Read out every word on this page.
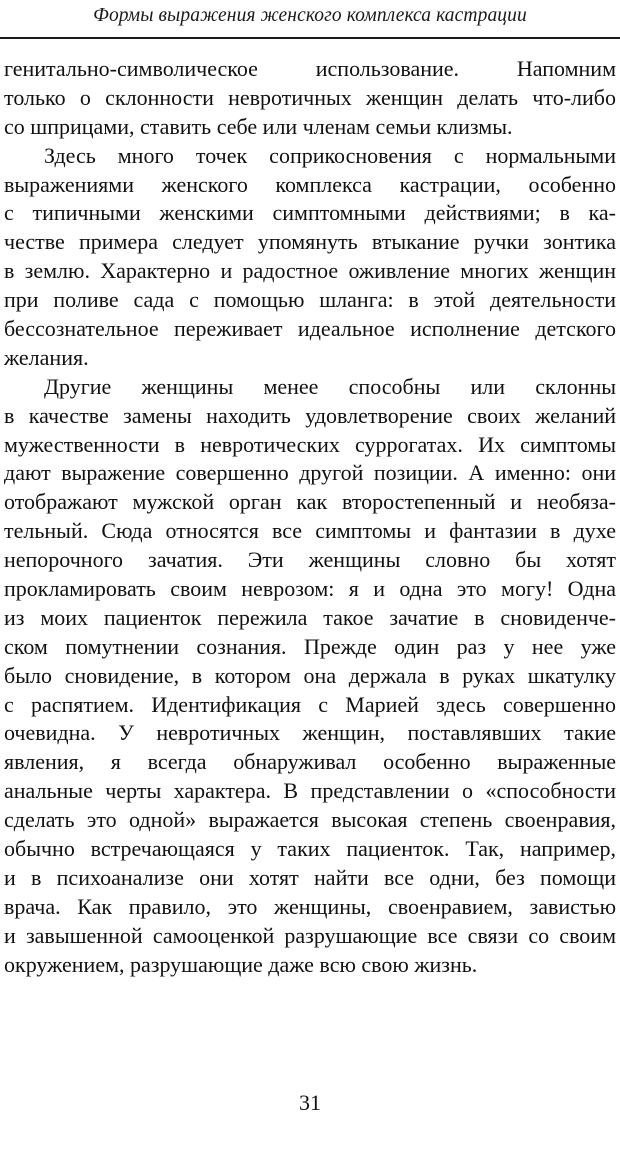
Формы выражения женского комплекса кастрации
генитально-символическое использование. Напомним
только о склонности невротичных женщин делать что-либо
со шприцами, ставить себе или членам семьи клизмы.
Здесь много точек соприкосновения с нормальными
выражениями женского комплекса кастрации, особенно
с типичными женскими симптомными действиями; в ка-
честве примера следует упомянуть втыкание ручки зонтика
в землю. Характерно и радостное оживление многих женщин
при поливе сада с помощью шланга: в этой деятельности
бессознательное переживает идеальное исполнение детского
желания.
Другие женщины менее способны или склонны
в качестве замены находить удовлетворение своих желаний
мужественности в невротических суррогатах. Их симптомы
дают выражение совершенно другой позиции. А именно: они
отображают мужской орган как второстепенный и необяза-
тельный. Сюда относятся все симптомы и фантазии в духе
непорочного зачатия. Эти женщины словно бы хотят
прокламировать своим неврозом: я и одна это могу! Одна
из моих пациенток пережила такое зачатие в сновиденче-
ском помутнении сознания. Прежде один раз у нее уже
было сновидение, в котором она держала в руках шкатулку
с распятием. Идентификация с Марией здесь совершенно
очевидна. У невротичных женщин, поставлявших такие
явления, я всегда обнаруживал особенно выраженные
анальные черты характера. В представлении о «способности
сделать это одной» выражается высокая степень своенравия,
обычно встречающаяся у таких пациенток. Так, например,
и в психоанализе они хотят найти все одни, без помощи
врача. Как правило, это женщины, своенравием, завистью
и завышенной самооценкой разрушающие все связи со своим
окружением, разрушающие даже всю свою жизнь.
31
